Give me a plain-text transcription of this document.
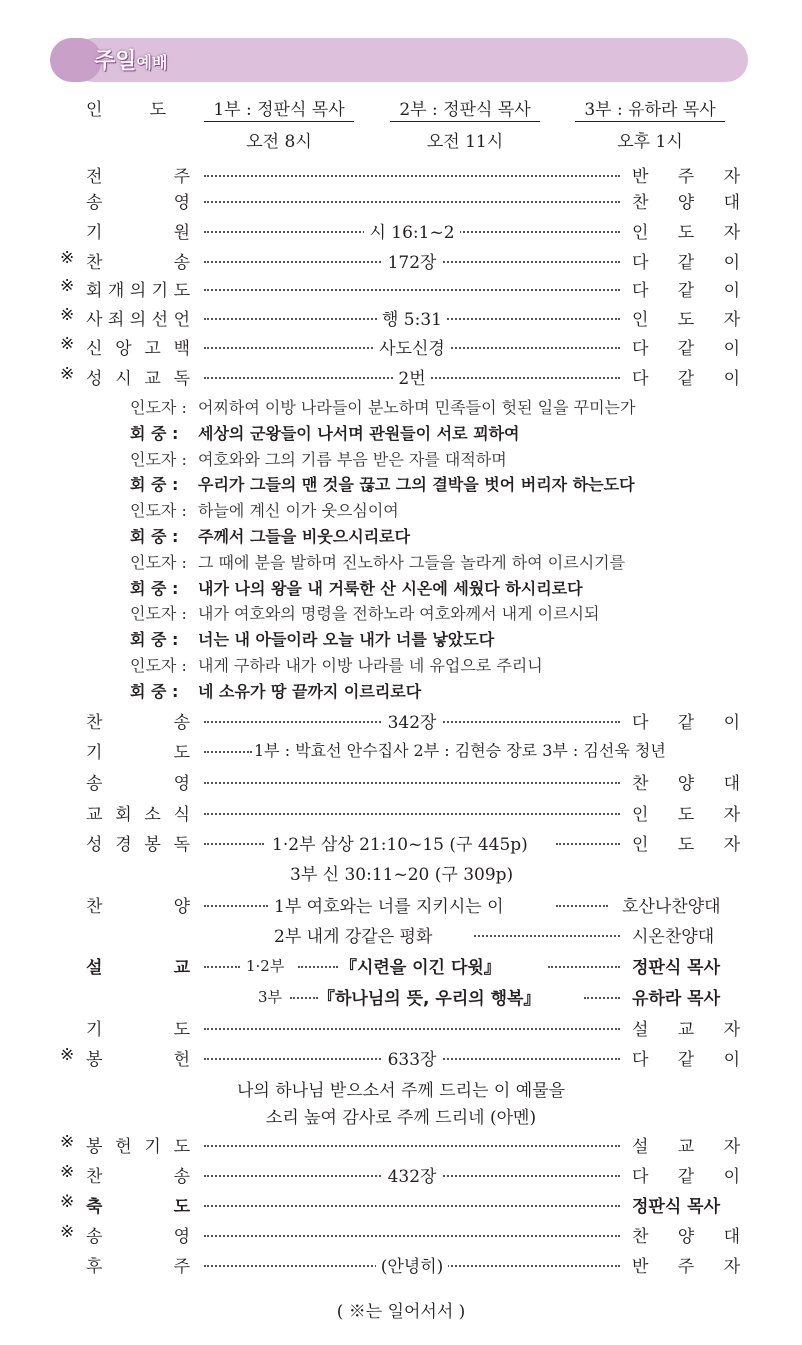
주일예배
인	도	1부 : 정판식 목사
오전 8시
2부 : 정판식 목사
오전 11시
3부 : 유하라 목사
오후 1시
전	주	반 주 자
송	영	찬 양 대
기	원	시 16:1~2	인 도 자
※ 찬	송	172장	다 같 이
※ 회 개 의 기 도	다 같 이
※ 사 죄 의 선 언	행 5:31	인 도 자
※ 신 앙 고 백	사도신경	다 같 이
※ 성 시 교 독	2번	다 같 이
인도자 : 어찌하여 이방 나라들이 분노하며 민족들이 헛된 일을 꾸미는가
회 중 : 세상의 군왕들이 나서며 관원들이 서로 꾀하여
인도자 : 여호와와 그의 기름 부음 받은 자를 대적하며
회 중 : 우리가 그들의 맨 것을 끊고 그의 결박을 벗어 버리자 하는도다
인도자 : 하늘에 계신 이가 웃으심이여
회 중 : 주께서 그들을 비웃으시리로다
인도자 : 그 때에 분을 발하며 진노하사 그들을 놀라게 하여 이르시기를
회 중 : 내가 나의 왕을 내 거룩한 산 시온에 세웠다 하시리로다
인도자 : 내가 여호와의 명령을 전하노라 여호와께서 내게 이르시되
회 중 : 너는 내 아들이라 오늘 내가 너를 낳았도다
인도자 : 내게 구하라 내가 이방 나라를 네 유업으로 주리니
회 중 : 네 소유가 땅 끝까지 이르리로다
찬	송	342장	다 같 이
기	도	1부 : 박효선 안수집사 2부 : 김현승 장로 3부 : 김선욱 청년
송	영	찬 양 대
교 회 소 식	인 도 자
성 경 봉 독	1·2부 삼상 21:10~15 (구 445p)	인 도 자
3부 신 30:11~20 (구 309p)
찬	양	1부 여호와는 너를 지키시는 이	호산나찬양대
2부 내게 강같은 평화	시온찬양대
설	교	1·2부	『시련을 이긴 다윗』	정판식 목사
3부 『하나님의 뜻, 우리의 행복』	유하라 목사
기	도	설 교 자
※ 봉	헌	633장	다 같 이
나의 하나님 받으소서 주께 드리는 이 예물을
소리 높여 감사로 주께 드리네 (아멘)
※ 봉 헌 기 도	설 교 자
※ 찬	송	432장	다 같 이
※ 축	도	정판식 목사
※ 송	영	찬 양 대
후	주	(안녕히)	반 주 자
( ※는 일어서서 )
